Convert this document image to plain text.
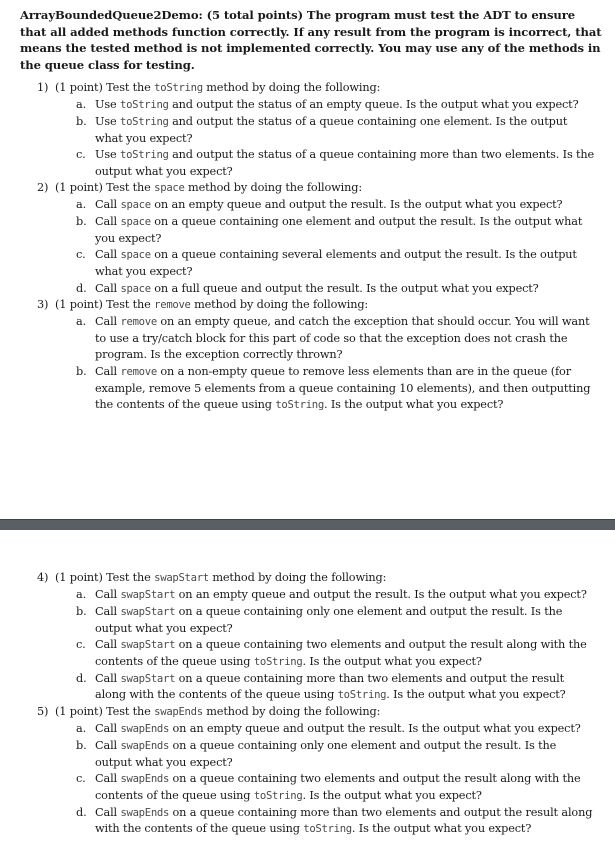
ArrayBoundedQueue2Demo: (5 total points) The program must test the ADT to ensure that all added methods function correctly. If any result from the program is incorrect, that means the tested method is not implemented correctly. You may use any of the methods in the queue class for testing.
1) (1 point) Test the toString method by doing the following:
a. Use toString and output the status of an empty queue. Is the output what you expect?
b. Use toString and output the status of a queue containing one element. Is the output
what you expect?
c. Use toString and output the status of a queue containing more than two elements. Is the
output what you expect?
2) (1 point) Test the space method by doing the following:
a. Call space on an empty queue and output the result. Is the output what you expect?
b. Call space on a queue containing one element and output the result. Is the output what
you expect?
c. Call space on a queue containing several elements and output the result. Is the output
what you expect?
d. Call space on a full queue and output the result. Is the output what you expect?
3) (1 point) Test the remove method by doing the following:
a. Call remove on an empty queue, and catch the exception that should occur. You will want
to use a try/catch block for this part of code so that the exception does not crash the
program. Is the exception correctly thrown?
b. Call remove on a non-empty queue to remove less elements than are in the queue (for
example, remove 5 elements from a queue containing 10 elements), and then outputting
the contents of the queue using toString. Is the output what you expect?
4) (1 point) Test the swapStart method by doing the following:
a. Call swapStart on an empty queue and output the result. Is the output what you expect?
b. Call swapStart on a queue containing only one element and output the result. Is the
output what you expect?
c. Call swapStart on a queue containing two elements and output the result along with the
contents of the queue using toString. Is the output what you expect?
d. Call swapStart on a queue containing more than two elements and output the result
along with the contents of the queue using toString. Is the output what you expect?
5) (1 point) Test the swapEnds method by doing the following:
a. Call swapEnds on an empty queue and output the result. Is the output what you expect?
b. Call swapEnds on a queue containing only one element and output the result. Is the
output what you expect?
c. Call swapEnds on a queue containing two elements and output the result along with the
contents of the queue using toString. Is the output what you expect?
d. Call swapEnds on a queue containing more than two elements and output the result along
with the contents of the queue using toString. Is the output what you expect?
